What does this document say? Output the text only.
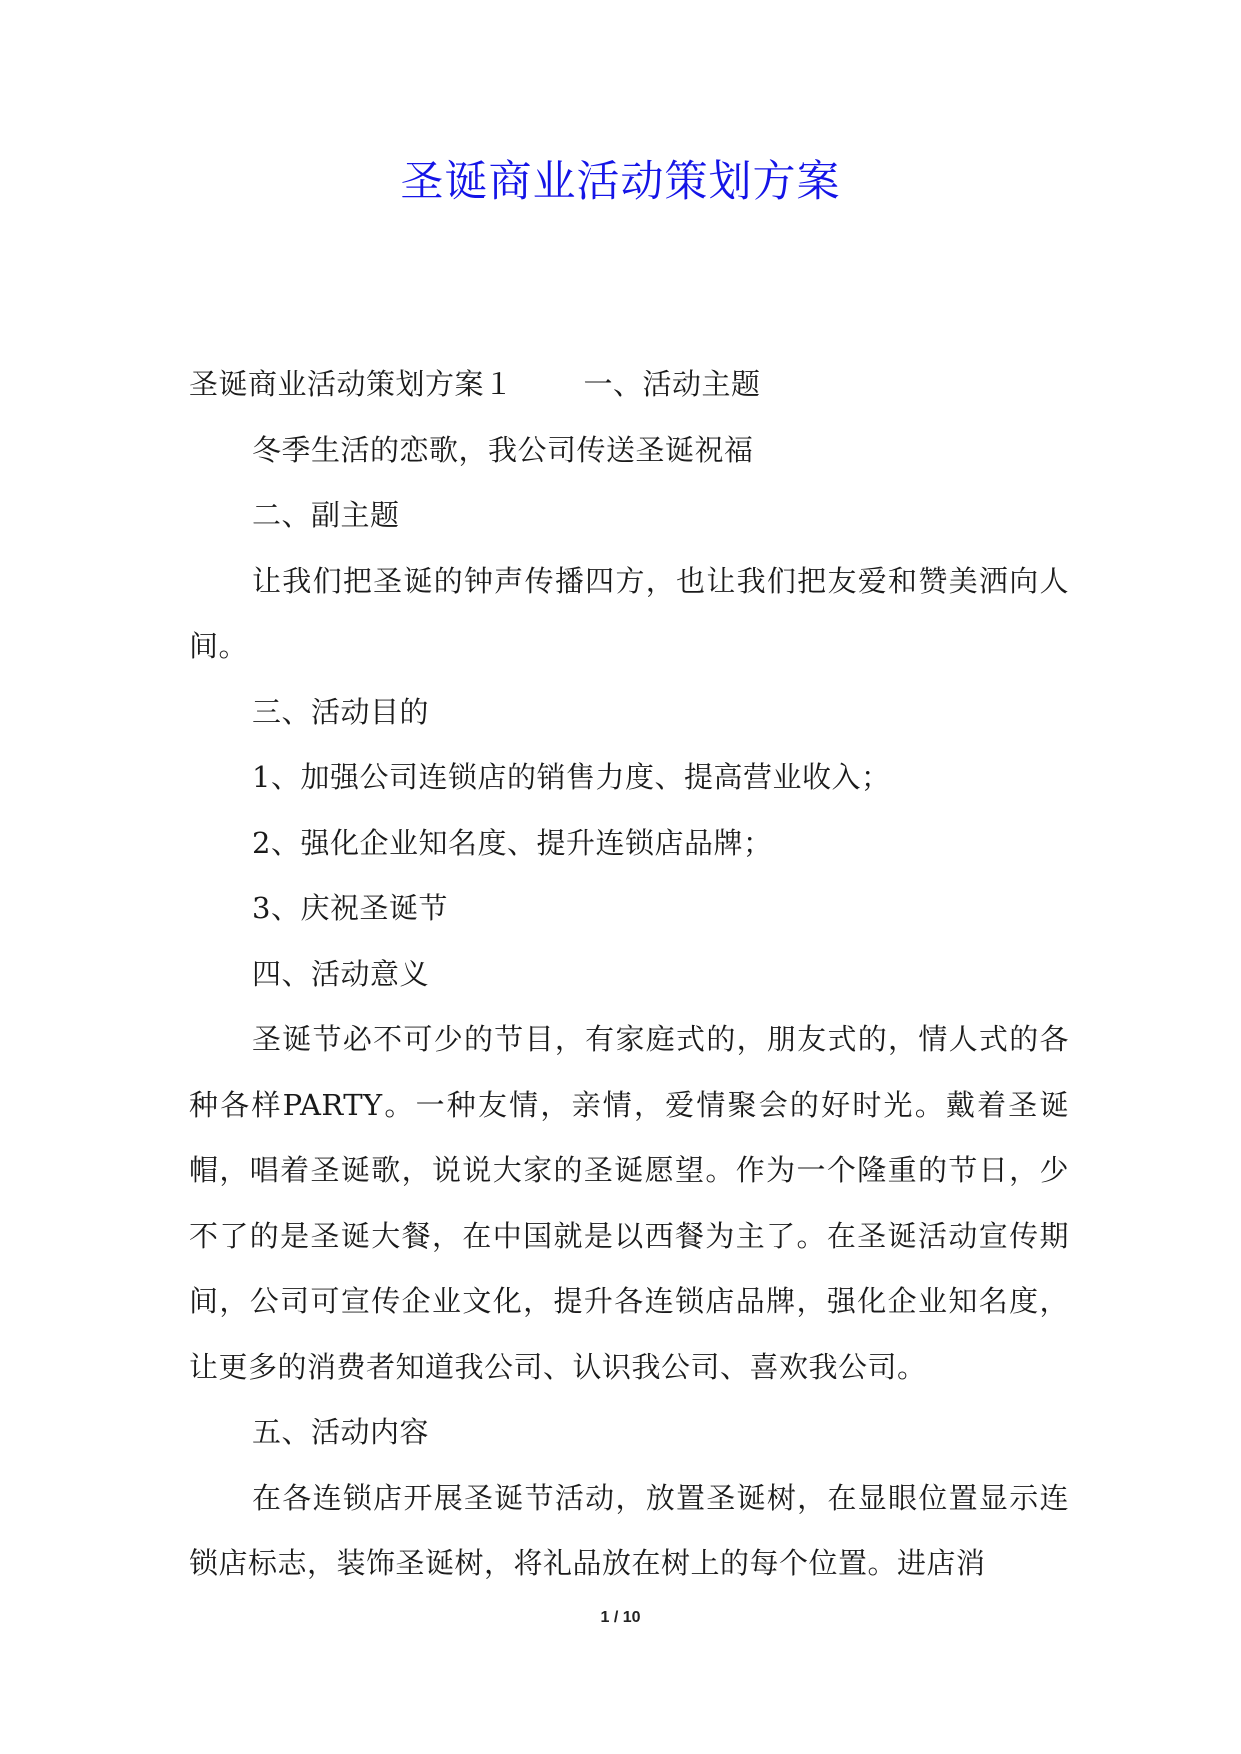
圣诞商业活动策划方案

圣诞商业活动策划方案１ 一、活动主题

冬季生活的恋歌，我公司传送圣诞祝福

二、副主题

让我们把圣诞的钟声传播四方，也让我们把友爱和赞美洒向人间。

三、活动目的

1、加强公司连锁店的销售力度、提高营业收入；

2、强化企业知名度、提升连锁店品牌；

3、庆祝圣诞节

四、活动意义

圣诞节必不可少的节目，有家庭式的，朋友式的，情人式的各种各样PARTY。一种友情，亲情，爱情聚会的好时光。戴着圣诞帽，唱着圣诞歌，说说大家的圣诞愿望。作为一个隆重的节日，少不了的是圣诞大餐，在中国就是以西餐为主了。在圣诞活动宣传期间，公司可宣传企业文化，提升各连锁店品牌，强化企业知名度，让更多的消费者知道我公司、认识我公司、喜欢我公司。

五、活动内容

在各连锁店开展圣诞节活动，放置圣诞树，在显眼位置显示连锁店标志，装饰圣诞树，将礼品放在树上的每个位置。进店消

1 / 10
